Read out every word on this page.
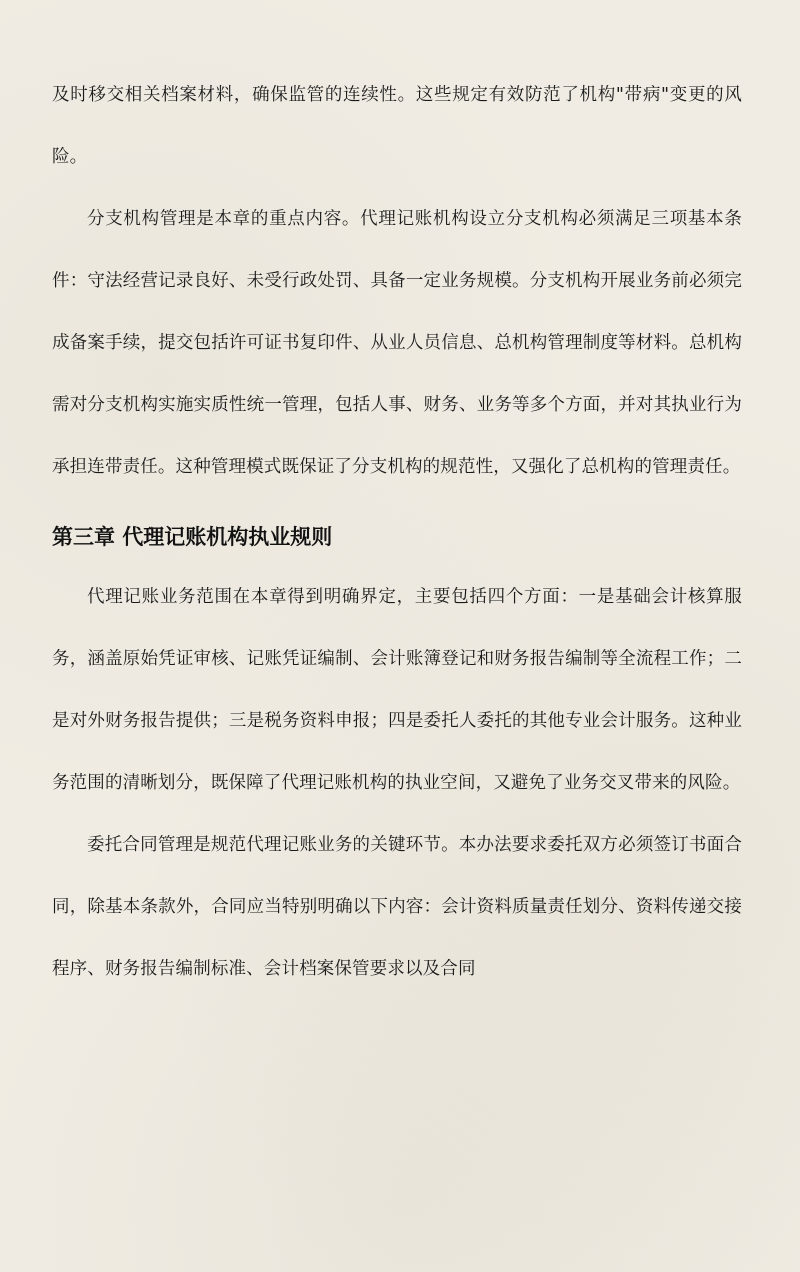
及时移交相关档案材料，确保监管的连续性。这些规定有效防范了机构"带病"变更的风险。

分支机构管理是本章的重点内容。代理记账机构设立分支机构必须满足三项基本条件：守法经营记录良好、未受行政处罚、具备一定业务规模。分支机构开展业务前必须完成备案手续，提交包括许可证书复印件、从业人员信息、总机构管理制度等材料。总机构需对分支机构实施实质性统一管理，包括人事、财务、业务等多个方面，并对其执业行为承担连带责任。这种管理模式既保证了分支机构的规范性，又强化了总机构的管理责任。

第三章 代理记账机构执业规则

代理记账业务范围在本章得到明确界定，主要包括四个方面：一是基础会计核算服务，涵盖原始凭证审核、记账凭证编制、会计账簿登记和财务报告编制等全流程工作；二是对外财务报告提供；三是税务资料申报；四是委托人委托的其他专业会计服务。这种业务范围的清晰划分，既保障了代理记账机构的执业空间，又避免了业务交叉带来的风险。

委托合同管理是规范代理记账业务的关键环节。本办法要求委托双方必须签订书面合同，除基本条款外，合同应当特别明确以下内容：会计资料质量责任划分、资料传递交接程序、财务报告编制标准、会计档案保管要求以及合同
